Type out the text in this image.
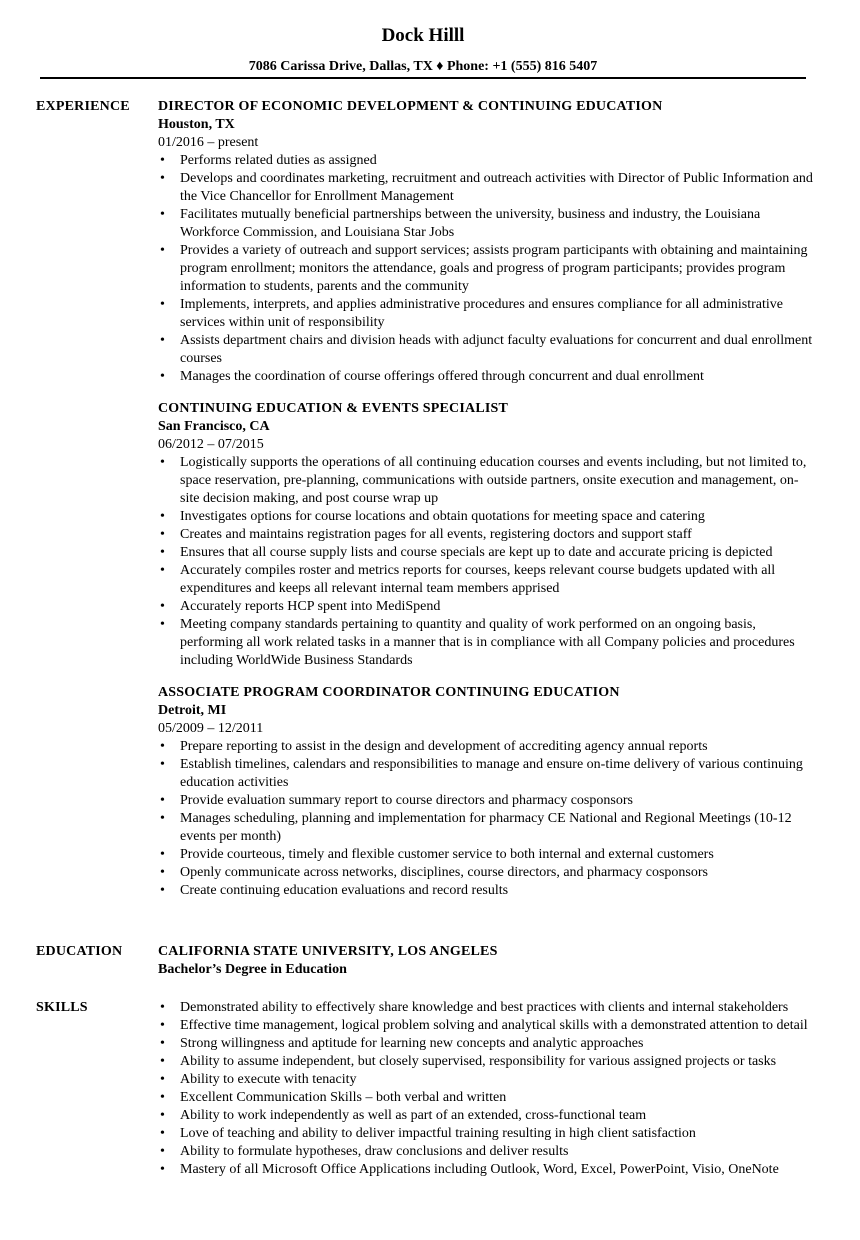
Dock Hilll
7086 Carissa Drive, Dallas, TX ♦ Phone: +1 (555) 816 5407
EXPERIENCE DIRECTOR OF ECONOMIC DEVELOPMENT & CONTINUING EDUCATION
Houston, TX
01/2016 – present
• Performs related duties as assigned
• Develops and coordinates marketing, recruitment and outreach activities with Director of Public Information and the Vice Chancellor for Enrollment Management
• Facilitates mutually beneficial partnerships between the university, business and industry, the Louisiana Workforce Commission, and Louisiana Star Jobs
• Provides a variety of outreach and support services; assists program participants with obtaining and maintaining program enrollment; monitors the attendance, goals and progress of program participants; provides program information to students, parents and the community
• Implements, interprets, and applies administrative procedures and ensures compliance for all administrative services within unit of responsibility
• Assists department chairs and division heads with adjunct faculty evaluations for concurrent and dual enrollment courses
• Manages the coordination of course offerings offered through concurrent and dual enrollment
CONTINUING EDUCATION & EVENTS SPECIALIST
San Francisco, CA
06/2012 – 07/2015
• Logistically supports the operations of all continuing education courses and events including, but not limited to, space reservation, pre-planning, communications with outside partners, onsite execution and management, on-site decision making, and post course wrap up
• Investigates options for course locations and obtain quotations for meeting space and catering
• Creates and maintains registration pages for all events, registering doctors and support staff
• Ensures that all course supply lists and course specials are kept up to date and accurate pricing is depicted
• Accurately compiles roster and metrics reports for courses, keeps relevant course budgets updated with all expenditures and keeps all relevant internal team members apprised
• Accurately reports HCP spent into MediSpend
• Meeting company standards pertaining to quantity and quality of work performed on an ongoing basis, performing all work related tasks in a manner that is in compliance with all Company policies and procedures including WorldWide Business Standards
ASSOCIATE PROGRAM COORDINATOR CONTINUING EDUCATION
Detroit, MI
05/2009 – 12/2011
• Prepare reporting to assist in the design and development of accrediting agency annual reports
• Establish timelines, calendars and responsibilities to manage and ensure on-time delivery of various continuing education activities
• Provide evaluation summary report to course directors and pharmacy cosponsors
• Manages scheduling, planning and implementation for pharmacy CE National and Regional Meetings (10-12 events per month)
• Provide courteous, timely and flexible customer service to both internal and external customers
• Openly communicate across networks, disciplines, course directors, and pharmacy cosponsors
• Create continuing education evaluations and record results
EDUCATION	CALIFORNIA STATE UNIVERSITY, LOS ANGELES
Bachelor’s Degree in Education
SKILLS
•	Demonstrated ability to effectively share knowledge and best practices with clients and internal stakeholders
• Effective time management, logical problem solving and analytical skills with a demonstrated attention to detail
• Strong willingness and aptitude for learning new concepts and analytic approaches
• Ability to assume independent, but closely supervised, responsibility for various assigned projects or tasks
• Ability to execute with tenacity
• Excellent Communication Skills – both verbal and written
• Ability to work independently as well as part of an extended, cross-functional team
• Love of teaching and ability to deliver impactful training resulting in high client satisfaction
• Ability to formulate hypotheses, draw conclusions and deliver results
• Mastery of all Microsoft Office Applications including Outlook, Word, Excel, PowerPoint, Visio, OneNote
